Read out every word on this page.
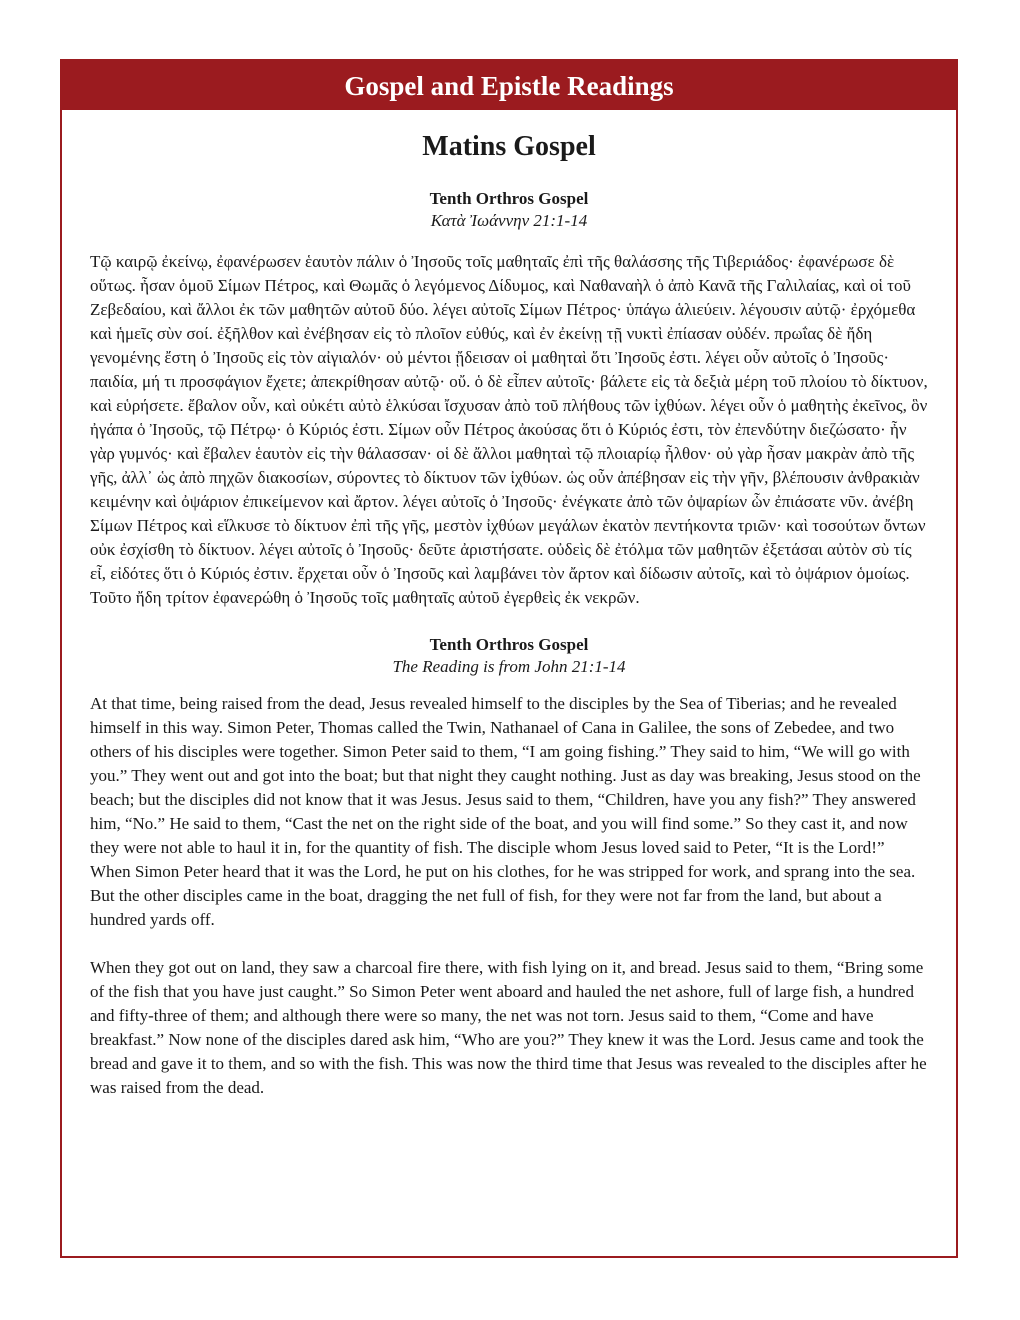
Gospel and Epistle Readings
Matins Gospel
Tenth Orthros Gospel
Κατὰ Ἰωάννην 21:1-14
Τῷ καιρῷ ἐκείνῳ, ἐφανέρωσεν ἑαυτὸν πάλιν ὁ Ἰησοῦς τοῖς μαθηταῖς ἐπὶ τῆς θαλάσσης τῆς Τιβεριάδος· ἐφανέρωσε δὲ οὕτως. ἦσαν ὁμοῦ Σίμων Πέτρος, καὶ Θωμᾶς ὁ λεγόμενος Δίδυμος, καὶ Ναθαναὴλ ὁ ἀπὸ Κανᾶ τῆς Γαλιλαίας, καὶ οἱ τοῦ Ζεβεδαίου, καὶ ἄλλοι ἐκ τῶν μαθητῶν αὐτοῦ δύο. λέγει αὐτοῖς Σίμων Πέτρος· ὑπάγω ἁλιεύειν. λέγουσιν αὐτῷ· ἐρχόμεθα καὶ ἡμεῖς σὺν σοί. ἐξῆλθον καὶ ἐνέβησαν εἰς τὸ πλοῖον εὐθύς, καὶ ἐν ἐκείνῃ τῇ νυκτὶ ἐπίασαν οὐδέν. πρωΐας δὲ ἤδη γενομένης ἔστη ὁ Ἰησοῦς εἰς τὸν αἰγιαλόν· οὐ μέντοι ᾔδεισαν οἱ μαθηταὶ ὅτι Ἰησοῦς ἐστι. λέγει οὖν αὐτοῖς ὁ Ἰησοῦς· παιδία, μή τι προσφάγιον ἔχετε; ἀπεκρίθησαν αὐτῷ· οὔ. ὁ δὲ εἶπεν αὐτοῖς· βάλετε εἰς τὰ δεξιὰ μέρη τοῦ πλοίου τὸ δίκτυον, καὶ εὑρήσετε. ἔβαλον οὖν, καὶ οὐκέτι αὐτὸ ἑλκύσαι ἴσχυσαν ἀπὸ τοῦ πλήθους τῶν ἰχθύων. λέγει οὖν ὁ μαθητὴς ἐκεῖνος, ὃν ἠγάπα ὁ Ἰησοῦς, τῷ Πέτρῳ· ὁ Κύριός ἐστι. Σίμων οὖν Πέτρος ἀκούσας ὅτι ὁ Κύριός ἐστι, τὸν ἐπενδύτην διεζώσατο· ἦν γὰρ γυμνός· καὶ ἔβαλεν ἑαυτὸν εἰς τὴν θάλασσαν· οἱ δὲ ἄλλοι μαθηταὶ τῷ πλοιαρίῳ ἦλθον· οὐ γὰρ ἦσαν μακρὰν ἀπὸ τῆς γῆς, ἀλλ᾿ ὡς ἀπὸ πηχῶν διακοσίων, σύροντες τὸ δίκτυον τῶν ἰχθύων. ὡς οὖν ἀπέβησαν εἰς τὴν γῆν, βλέπουσιν ἀνθρακιὰν κειμένην καὶ ὀψάριον ἐπικείμενον καὶ ἄρτον. λέγει αὐτοῖς ὁ Ἰησοῦς· ἐνέγκατε ἀπὸ τῶν ὀψαρίων ὧν ἐπιάσατε νῦν. ἀνέβη Σίμων Πέτρος καὶ εἵλκυσε τὸ δίκτυον ἐπὶ τῆς γῆς, μεστὸν ἰχθύων μεγάλων ἑκατὸν πεντήκοντα τριῶν· καὶ τοσούτων ὄντων οὐκ ἐσχίσθη τὸ δίκτυον. λέγει αὐτοῖς ὁ Ἰησοῦς· δεῦτε ἀριστήσατε. οὐδεὶς δὲ ἐτόλμα τῶν μαθητῶν ἐξετάσαι αὐτὸν σὺ τίς εἶ, εἰδότες ὅτι ὁ Κύριός ἐστιν. ἔρχεται οὖν ὁ Ἰησοῦς καὶ λαμβάνει τὸν ἄρτον καὶ δίδωσιν αὐτοῖς, καὶ τὸ ὀψάριον ὁμοίως. Τοῦτο ἤδη τρίτον ἐφανερώθη ὁ Ἰησοῦς τοῖς μαθηταῖς αὐτοῦ ἐγερθεὶς ἐκ νεκρῶν.
Tenth Orthros Gospel
The Reading is from John 21:1-14
At that time, being raised from the dead, Jesus revealed himself to the disciples by the Sea of Tiberias; and he revealed himself in this way. Simon Peter, Thomas called the Twin, Nathanael of Cana in Galilee, the sons of Zebedee, and two others of his disciples were together. Simon Peter said to them, “I am going fishing.” They said to him, “We will go with you.” They went out and got into the boat; but that night they caught nothing. Just as day was breaking, Jesus stood on the beach; but the disciples did not know that it was Jesus. Jesus said to them, “Children, have you any fish?” They answered him, “No.” He said to them, “Cast the net on the right side of the boat, and you will find some.” So they cast it, and now they were not able to haul it in, for the quantity of fish. The disciple whom Jesus loved said to Peter, “It is the Lord!” When Simon Peter heard that it was the Lord, he put on his clothes, for he was stripped for work, and sprang into the sea. But the other disciples came in the boat, dragging the net full of fish, for they were not far from the land, but about a hundred yards off.
When they got out on land, they saw a charcoal fire there, with fish lying on it, and bread. Jesus said to them, “Bring some of the fish that you have just caught.” So Simon Peter went aboard and hauled the net ashore, full of large fish, a hundred and fifty-three of them; and although there were so many, the net was not torn. Jesus said to them, “Come and have breakfast.” Now none of the disciples dared ask him, “Who are you?” They knew it was the Lord. Jesus came and took the bread and gave it to them, and so with the fish. This was now the third time that Jesus was revealed to the disciples after he was raised from the dead.
